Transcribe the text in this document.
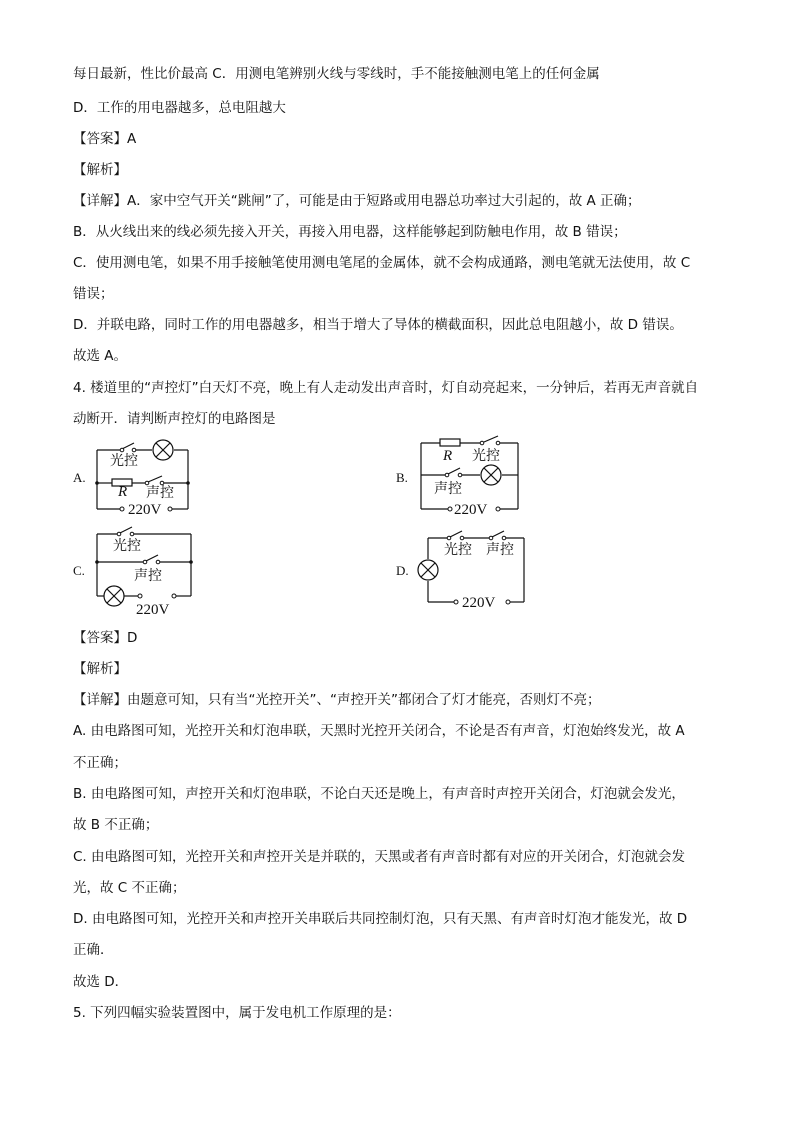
每日最新，性比价最高 C．用测电笔辨别火线与零线时，手不能接触测电笔上的任何金属
D．工作的用电器越多，总电阻越大
【答案】A
【解析】
【详解】A．家中空气开关“跳闸”了，可能是由于短路或用电器总功率过大引起的，故 A 正确；
B．从火线出来的线必须先接入开关，再接入用电器，这样能够起到防触电作用，故 B 错误；
C．使用测电笔，如果不用手接触笔使用测电笔尾的金属体，就不会构成通路，测电笔就无法使用，故 C
错误；
D．并联电路，同时工作的用电器越多，相当于增大了导体的横截面积，因此总电阻越小，故 D 错误。
故选 A。
4. 楼道里的“声控灯”白天灯不亮，晚上有人走动发出声音时，灯自动亮起来，一分钟后，若再无声音就自
动断开．请判断声控灯的电路图是
A.
光控
R 声控
220V
B.
R 光控
声控
220V
C.
光控
声控
220V
D.
光控 声控
220V
【答案】D
【解析】
【详解】由题意可知，只有当“光控开关”、“声控开关”都闭合了灯才能亮，否则灯不亮；
A. 由电路图可知，光控开关和灯泡串联，天黑时光控开关闭合，不论是否有声音，灯泡始终发光，故 A
不正确；
B. 由电路图可知，声控开关和灯泡串联，不论白天还是晚上，有声音时声控开关闭合，灯泡就会发光，
故 B 不正确；
C. 由电路图可知，光控开关和声控开关是并联的，天黑或者有声音时都有对应的开关闭合，灯泡就会发
光，故 C 不正确；
D. 由电路图可知，光控开关和声控开关串联后共同控制灯泡，只有天黑、有声音时灯泡才能发光，故 D
正确．
故选 D．
5. 下列四幅实验装置图中，属于发电机工作原理的是：
